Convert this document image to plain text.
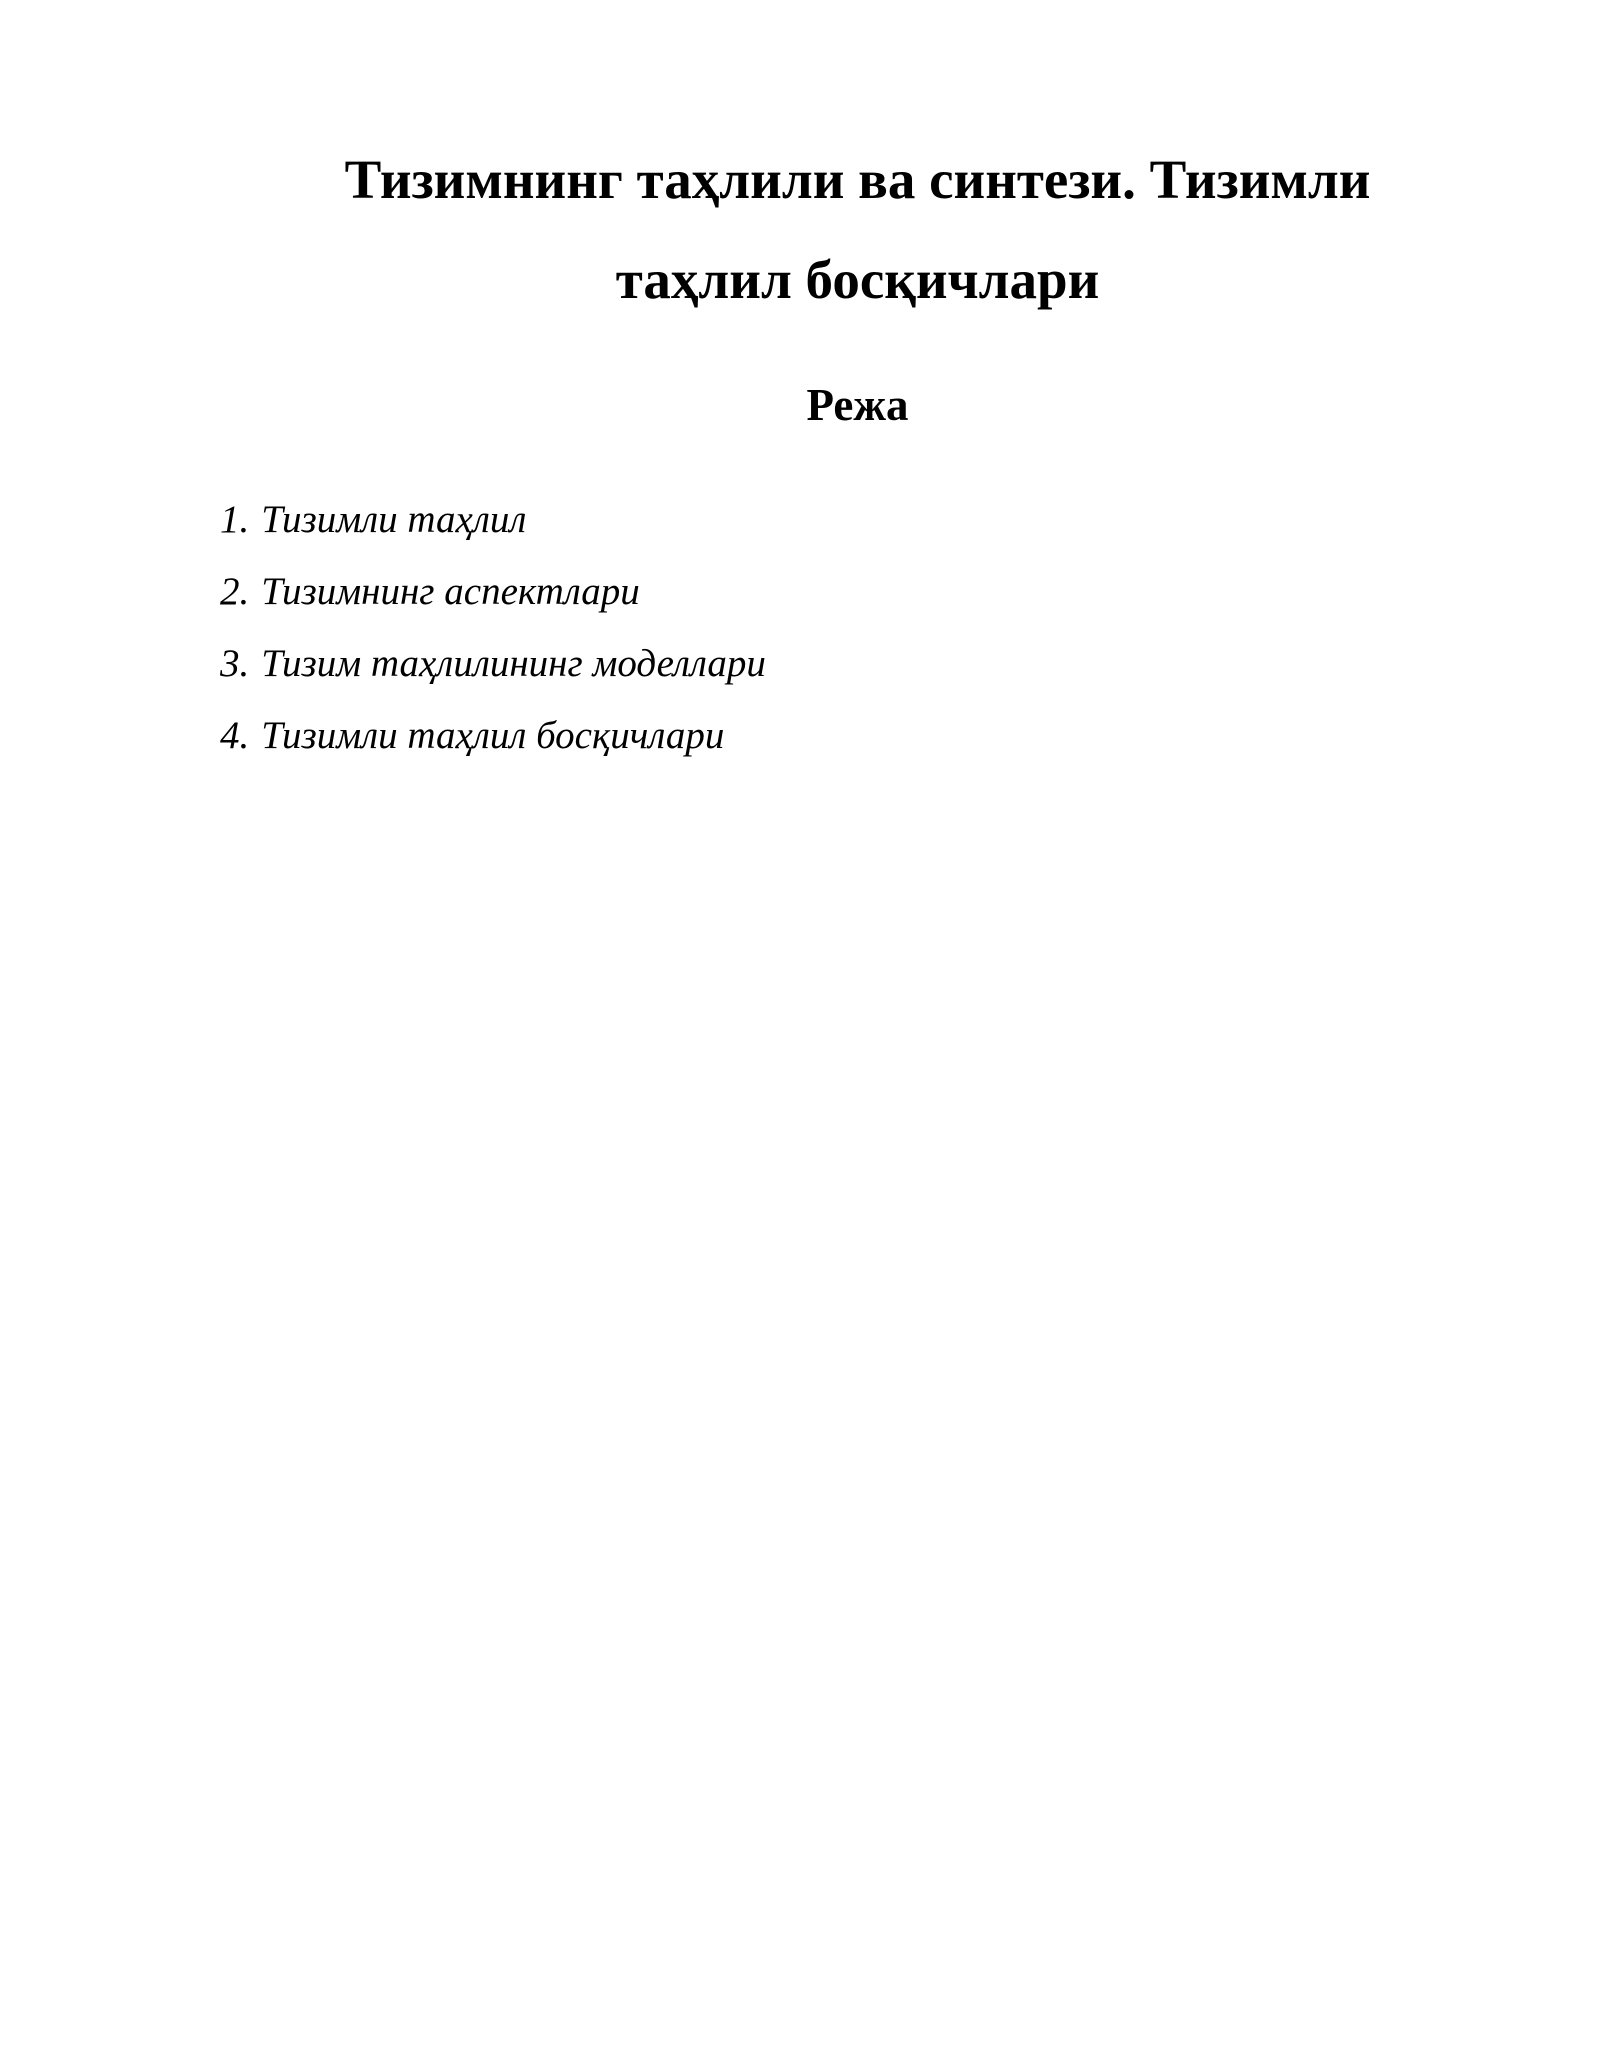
Тизимнинг таҳлили ва синтези. Тизимли
таҳлил босқичлари
Режа
1. Тизимли таҳлил
2. Тизимнинг аспектлари
3. Тизим таҳлилининг моделлари
4. Тизимли таҳлил босқичлари
